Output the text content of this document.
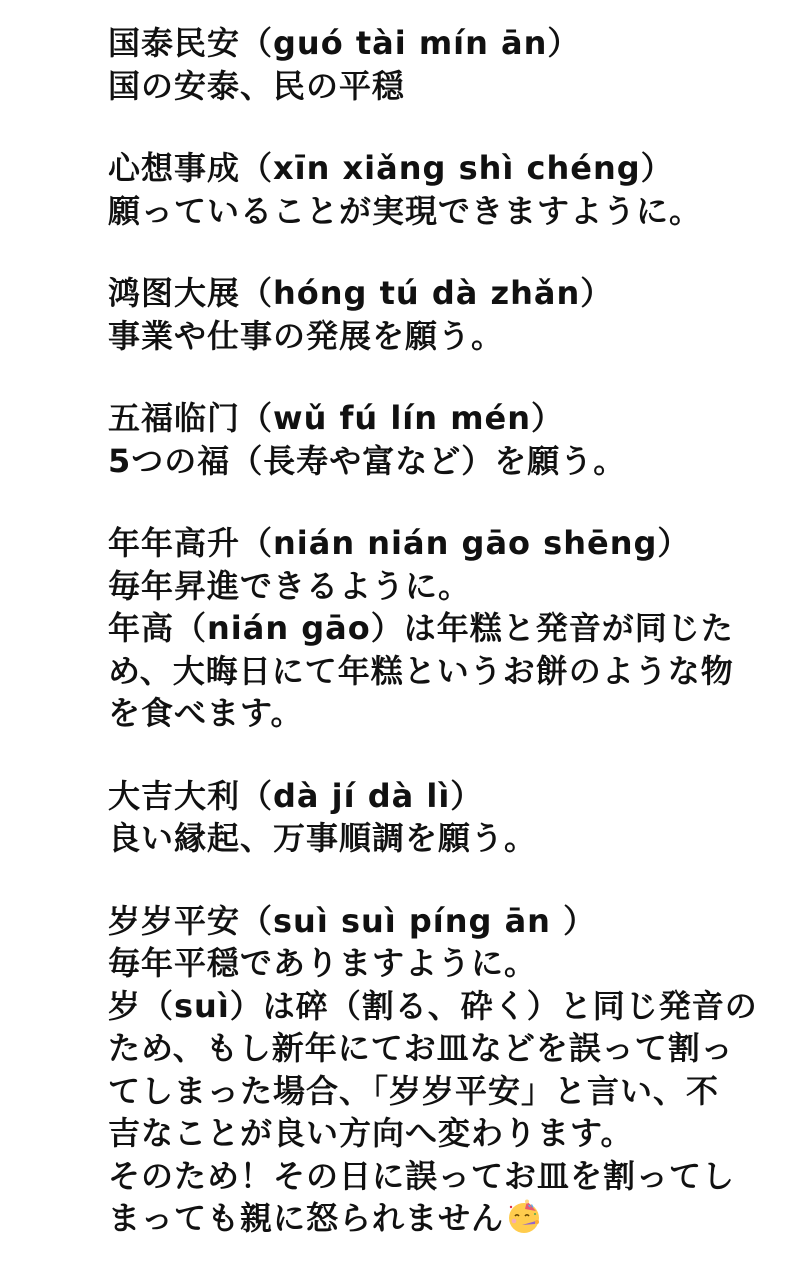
国泰民安（guó tài mín ān）
国の安泰、民の平穏
心想事成（xīn xiǎng shì chéng）
願っていることが実現できますように。
鸿图大展（hóng tú dà zhǎn）
事業や仕事の発展を願う。
五福临门（wǔ fú lín mén）
5つの福（長寿や富など）を願う。
年年高升（nián nián gāo shēng）
毎年昇進できるように。
年高（nián gāo）は年糕と発音が同じた
め、大晦日にて年糕というお餅のような物
を食べます。
大吉大利（dà jí dà lì）
良い縁起、万事順調を願う。
岁岁平安（suì suì píng ān ）
毎年平穏でありますように。
岁（suì）は碎（割る、砕く）と同じ発音の
ため、もし新年にてお皿などを誤って割っ
てしまった場合、「岁岁平安」と言い、不
吉なことが良い方向へ変わります。
そのため！その日に誤ってお皿を割ってし
まっても親に怒られません
